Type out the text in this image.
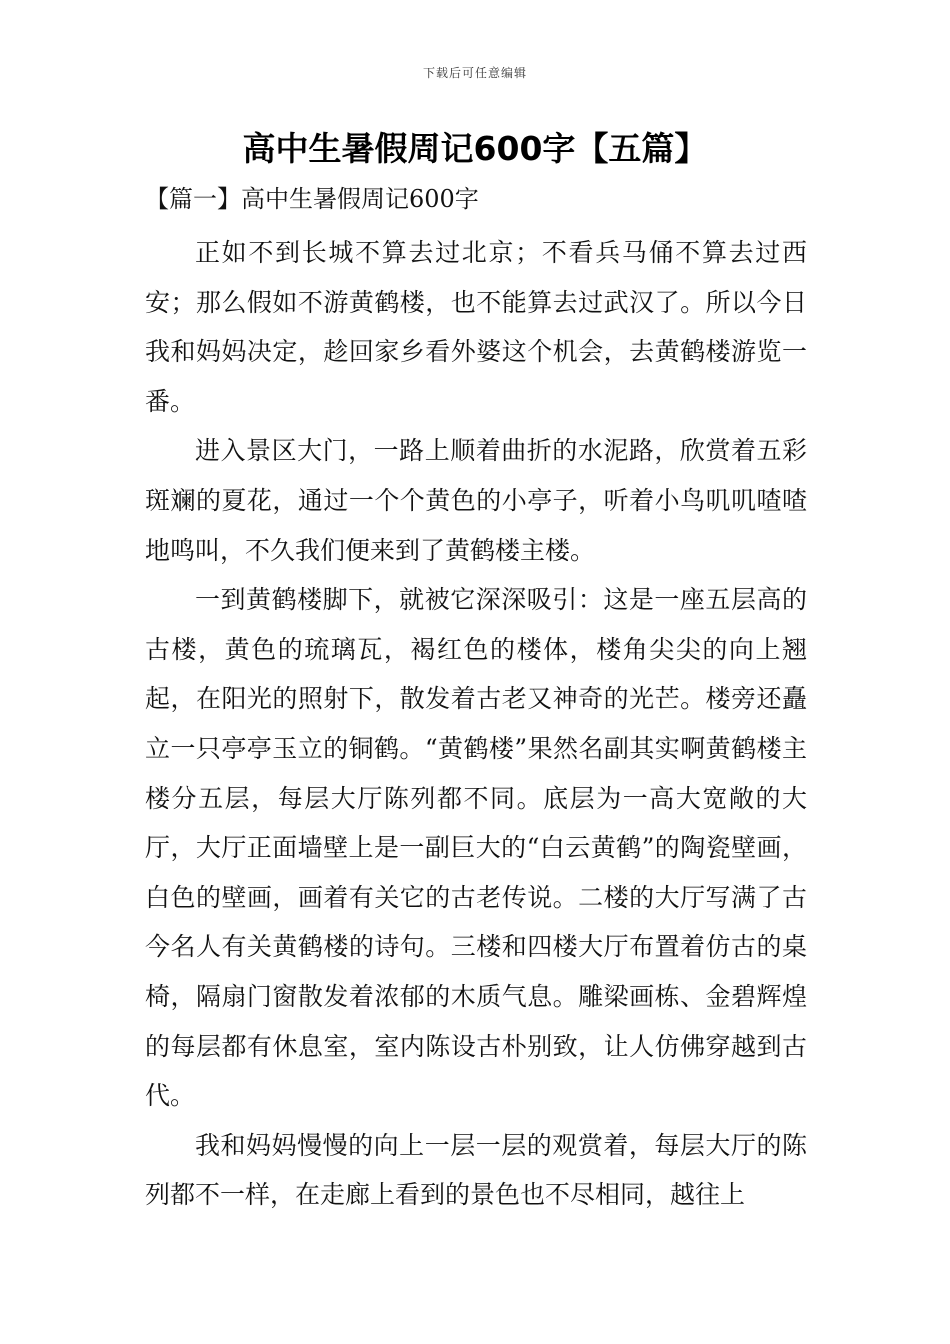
下载后可任意编辑
高中生暑假周记600字【五篇】
【篇一】高中生暑假周记600字

正如不到长城不算去过北京；不看兵马俑不算去过西安；那么假如不游黄鹤楼，也不能算去过武汉了。所以今日我和妈妈决定，趁回家乡看外婆这个机会，去黄鹤楼游览一番。

进入景区大门，一路上顺着曲折的水泥路，欣赏着五彩斑斓的夏花，通过一个个黄色的小亭子，听着小鸟叽叽喳喳地鸣叫，不久我们便来到了黄鹤楼主楼。

一到黄鹤楼脚下，就被它深深吸引：这是一座五层高的古楼，黄色的琉璃瓦，褐红色的楼体，楼角尖尖的向上翘起，在阳光的照射下，散发着古老又神奇的光芒。楼旁还矗立一只亭亭玉立的铜鹤。“黄鹤楼”果然名副其实啊黄鹤楼主楼分五层，每层大厅陈列都不同。底层为一高大宽敞的大厅，大厅正面墙壁上是一副巨大的“白云黄鹤”的陶瓷壁画，白色的壁画，画着有关它的古老传说。二楼的大厅写满了古今名人有关黄鹤楼的诗句。三楼和四楼大厅布置着仿古的桌椅，隔扇门窗散发着浓郁的木质气息。雕梁画栋、金碧辉煌的每层都有休息室，室内陈设古朴别致，让人仿佛穿越到古代。

我和妈妈慢慢的向上一层一层的观赏着，每层大厅的陈列都不一样，在走廊上看到的景色也不尽相同，越往上
